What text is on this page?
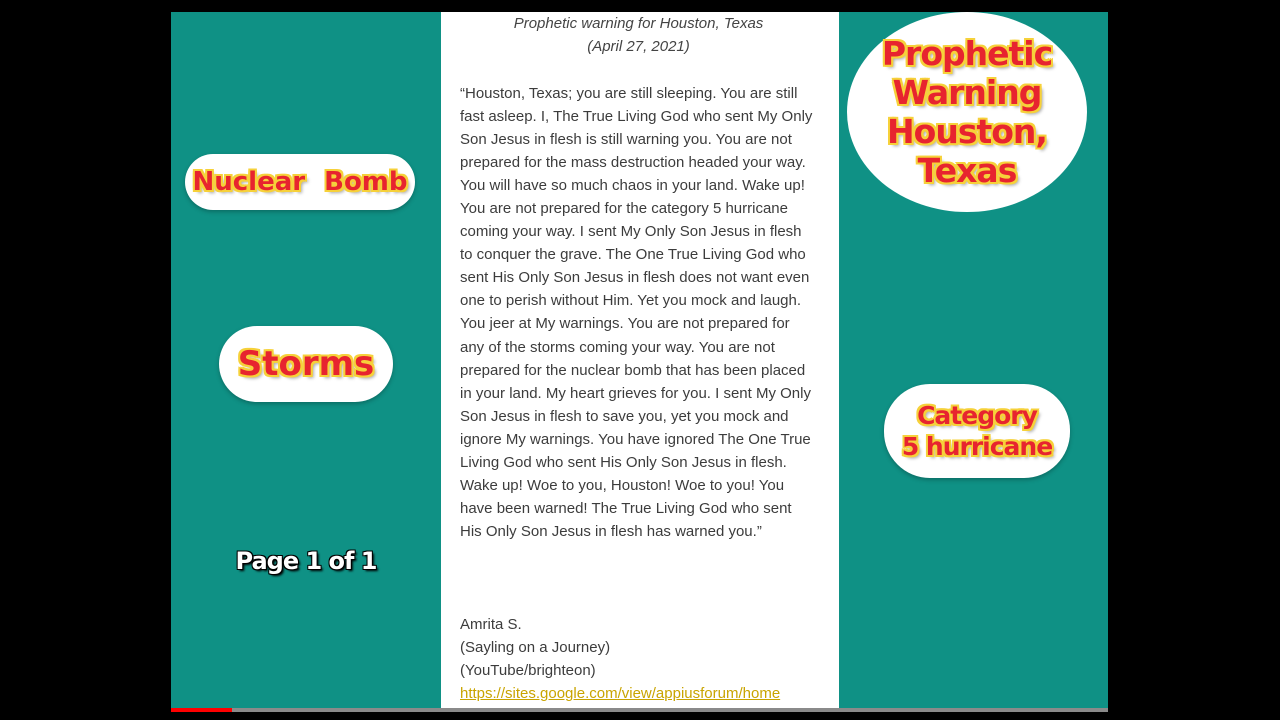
Nuclear Bomb
Storms
Page 1 of 1

Prophetic warning for Houston, Texas
(April 27, 2021)

“Houston, Texas; you are still sleeping. You are still fast asleep. I, The True Living God who sent My Only Son Jesus in flesh is still warning you. You are not prepared for the mass destruction headed your way. You will have so much chaos in your land. Wake up! You are not prepared for the category 5 hurricane coming your way. I sent My Only Son Jesus in flesh to conquer the grave. The One True Living God who sent His Only Son Jesus in flesh does not want even one to perish without Him. Yet you mock and laugh. You jeer at My warnings. You are not prepared for any of the storms coming your way. You are not prepared for the nuclear bomb that has been placed in your land. My heart grieves for you. I sent My Only Son Jesus in flesh to save you, yet you mock and ignore My warnings. You have ignored The One True Living God who sent His Only Son Jesus in flesh. Wake up! Woe to you, Houston! Woe to you! You have been warned! The True Living God who sent His Only Son Jesus in flesh has warned you.”

Amrita S.
(Sayling on a Journey)
(YouTube/brighteon)
https://sites.google.com/view/appiusforum/home
Prophetic
Warning
Houston,
Texas
Category
5 hurricane
